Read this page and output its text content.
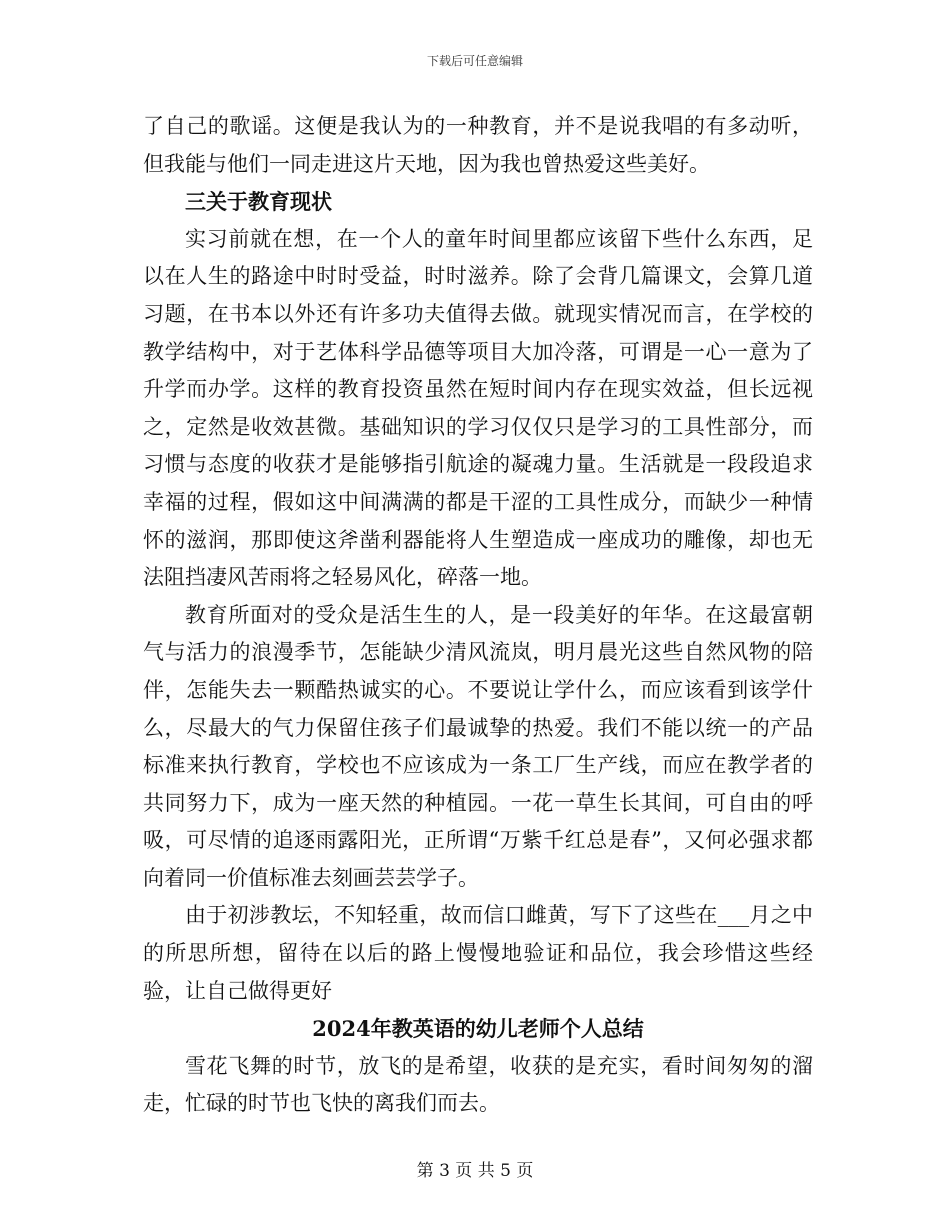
下载后可任意编辑

了自己的歌谣。这便是我认为的一种教育，并不是说我唱的有多动听，但我能与他们一同走进这片天地，因为我也曾热爱这些美好。

三关于教育现状

实习前就在想，在一个人的童年时间里都应该留下些什么东西，足以在人生的路途中时时受益，时时滋养。除了会背几篇课文，会算几道习题，在书本以外还有许多功夫值得去做。就现实情况而言，在学校的教学结构中，对于艺体科学品德等项目大加冷落，可谓是一心一意为了升学而办学。这样的教育投资虽然在短时间内存在现实效益，但长远视之，定然是收效甚微。基础知识的学习仅仅只是学习的工具性部分，而习惯与态度的收获才是能够指引航途的凝魂力量。生活就是一段段追求幸福的过程，假如这中间满满的都是干涩的工具性成分，而缺少一种情怀的滋润，那即使这斧凿利器能将人生塑造成一座成功的雕像，却也无法阻挡凄风苦雨将之轻易风化，碎落一地。

教育所面对的受众是活生生的人，是一段美好的年华。在这最富朝气与活力的浪漫季节，怎能缺少清风流岚，明月晨光这些自然风物的陪伴，怎能失去一颗酷热诚实的心。不要说让学什么，而应该看到该学什么，尽最大的气力保留住孩子们最诚挚的热爱。我们不能以统一的产品标准来执行教育，学校也不应该成为一条工厂生产线，而应在教学者的共同努力下，成为一座天然的种植园。一花一草生长其间，可自由的呼吸，可尽情的追逐雨露阳光，正所谓“万紫千红总是春”，又何必强求都向着同一价值标准去刻画芸芸学子。

由于初涉教坛，不知轻重，故而信口雌黄，写下了这些在___月之中的所思所想，留待在以后的路上慢慢地验证和品位，我会珍惜这些经验，让自己做得更好

2024年教英语的幼儿老师个人总结

雪花飞舞的时节，放飞的是希望，收获的是充实，看时间匆匆的溜走，忙碌的时节也飞快的离我们而去。

第 3 页 共 5 页
